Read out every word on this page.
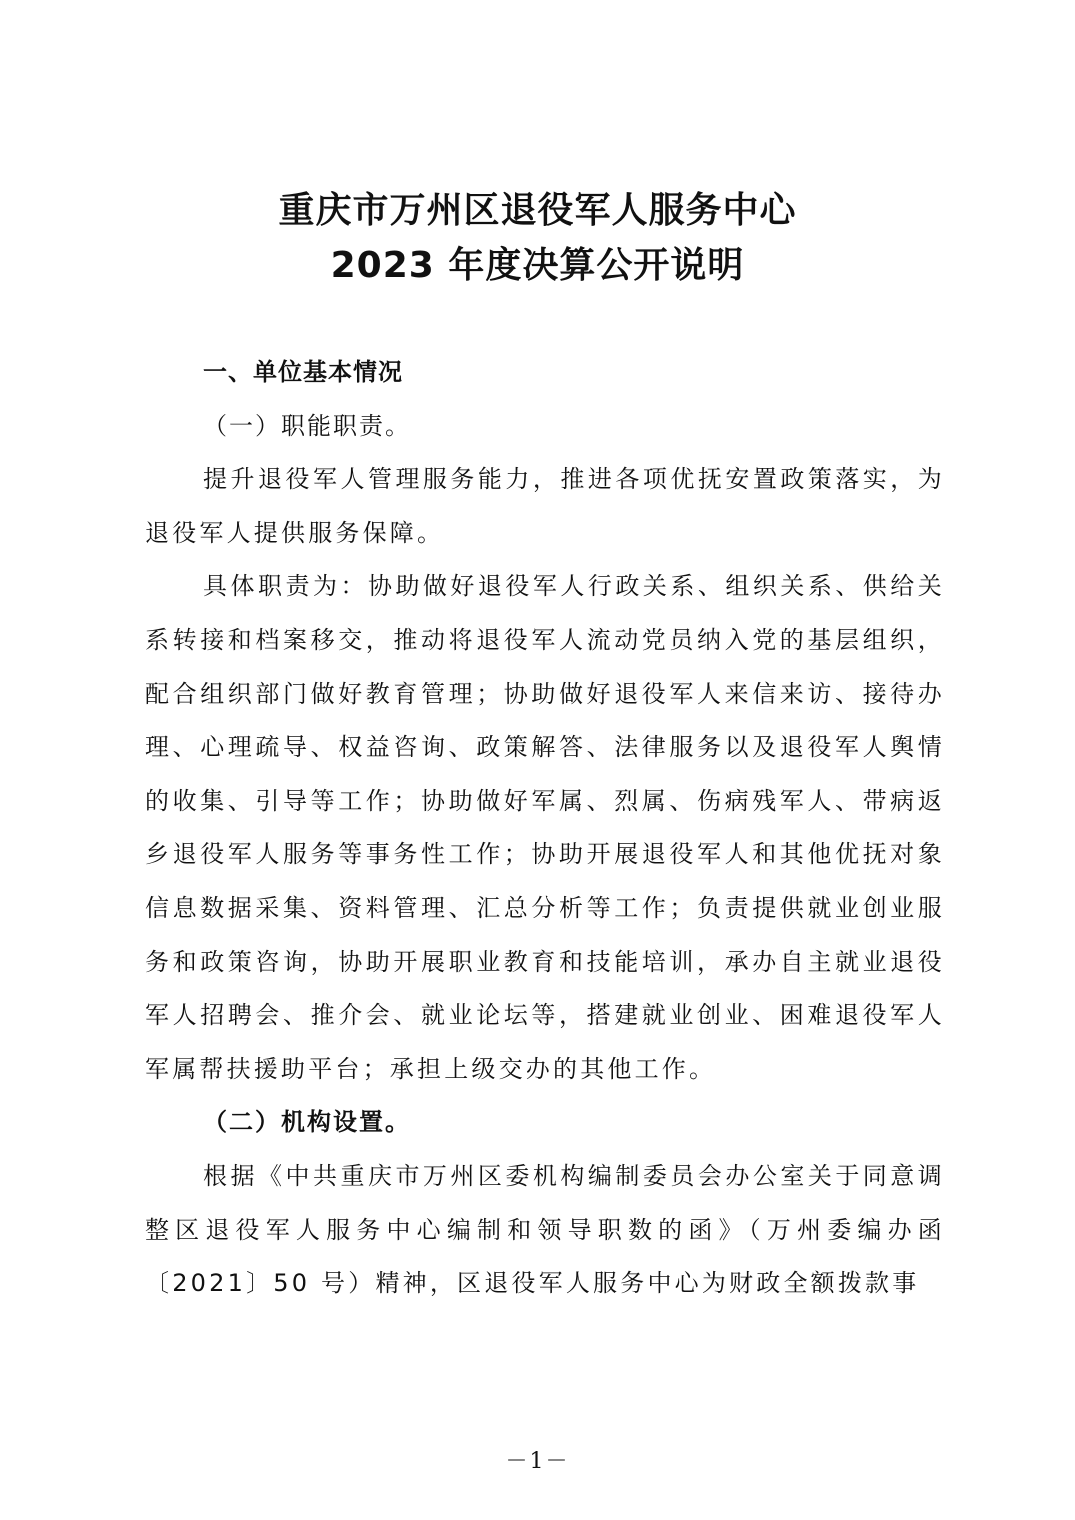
重庆市万州区退役军人服务中心
2023 年度决算公开说明

一、单位基本情况

（一）职能职责。

提升退役军人管理服务能力，推进各项优抚安置政策落实，为退役军人提供服务保障。

具体职责为：协助做好退役军人行政关系、组织关系、供给关系转接和档案移交，推动将退役军人流动党员纳入党的基层组织，配合组织部门做好教育管理；协助做好退役军人来信来访、接待办理、心理疏导、权益咨询、政策解答、法律服务以及退役军人舆情的收集、引导等工作；协助做好军属、烈属、伤病残军人、带病返乡退役军人服务等事务性工作；协助开展退役军人和其他优抚对象信息数据采集、资料管理、汇总分析等工作；负责提供就业创业服务和政策咨询，协助开展职业教育和技能培训，承办自主就业退役军人招聘会、推介会、就业论坛等，搭建就业创业、困难退役军人军属帮扶援助平台；承担上级交办的其他工作。

（二）机构设置。

根据《中共重庆市万州区委机构编制委员会办公室关于同意调整区退役军人服务中心编制和领导职数的函》（万州委编办函〔2021〕50 号）精神，区退役军人服务中心为财政全额拨款事

－1－
